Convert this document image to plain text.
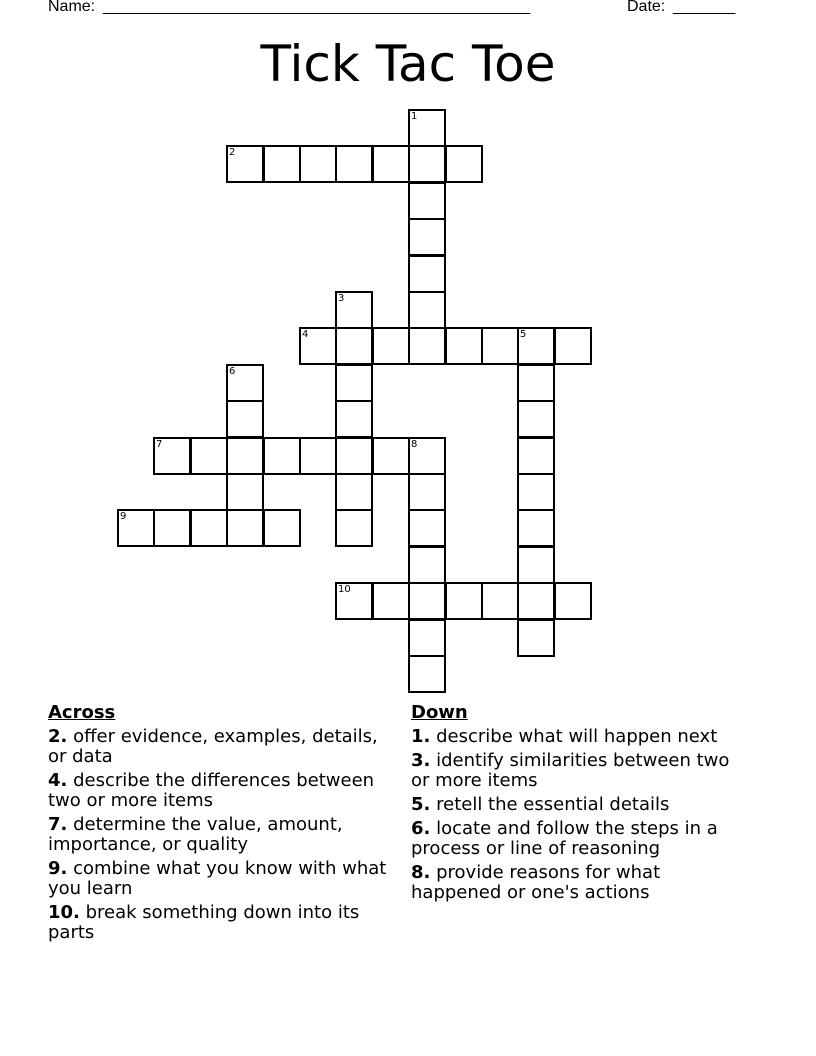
Name: ________________________________________________	Date: _______
Tick Tac Toe
1
2
3
4	5
6
7	8
9
10
Across
2. offer evidence, examples, details, or data
4. describe the differences between two or more items
7. determine the value, amount, importance, or quality
9. combine what you know with what you learn
10. break something down into its parts
Down
1. describe what will happen next
3. identify similarities between two or more items
5. retell the essential details
6. locate and follow the steps in a process or line of reasoning
8. provide reasons for what happened or one's actions
